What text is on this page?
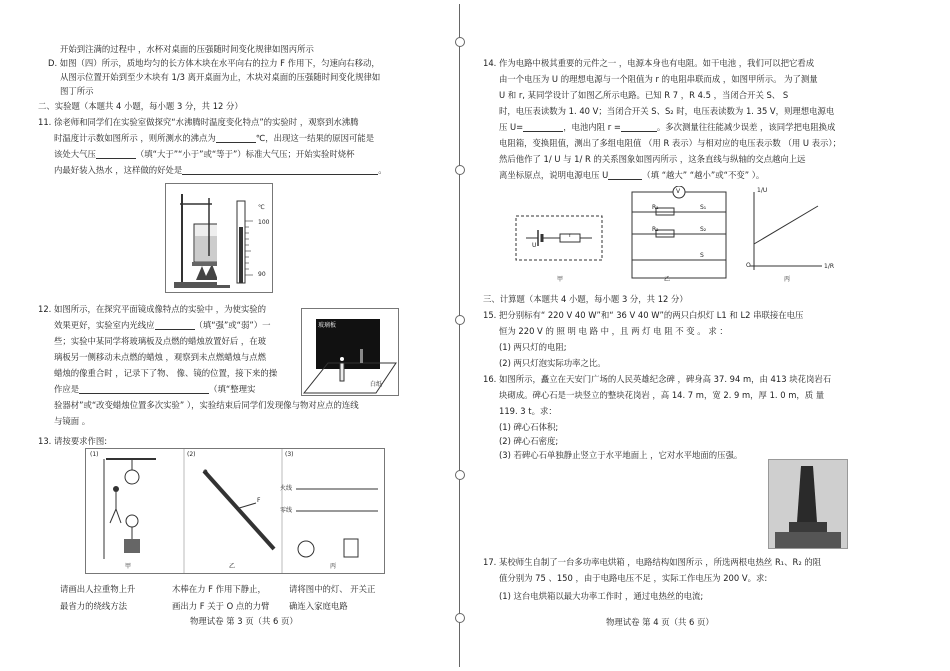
开始到注满的过程中 ，水杯对桌面的压强随时间变化规律如图丙所示
D. 如图（四）所示，质地均匀的长方体木块在水平向右的拉力 F 作用下，匀速向右移动，
从图示位置开始到至少木块有 1/3 离开桌面为止，木块对桌面的压强随时间变化规律如
图丁所示
二、实验题（本题共 4 小题，每小题 3 分，共 12 分）
11. 徐老师和同学们在实验室做探究“水沸腾时温度变化特点”的实验时 ，观察到水沸腾
时温度计示数如图所示 ，则所测水的沸点为	℃，出现这一结果的原因可能是
该处大气压	（填“大于”“小于”或“等于”）标准大气压；开始实验时烧杯
内最好装入热水 ，这样做的好处是	。
℃
100
90
12. 如图所示，在探究平面镜成像特点的实验中 ，为使实验的
效果更好，实验室内光线应	（填“强”或“弱”）一
些；实验中某同学将玻璃板及点燃的蜡烛放置好后 ，在玻
璃板另一侧移动未点燃的蜡烛 ，观察到未点燃蜡烛与点燃
蜡烛的像重合时 ，记录下了物、 像、镜的位置，接下来的操
作应是	（填“整理实
验器材”或“改变蜡烛位置多次实验” ），实验结束后同学们发现像与物对应点的连线
与镜面 。
玻璃板
白纸
13. 请按要求作图:
(1)	(2)	(3)
O
F
火线
零线
甲	乙	丙
请画出人拉重物上升	木棒在力 F 作用下静止，	请将图中的灯、 开关正
最省力的绕线方法	画出力 F 关于 O 点的力臂 确连入家庭电路
物理试卷 第 3 页（共 6 页）
14. 作为电路中极其重要的元件之一 ，电源本身也有电阻。如干电池 ，我们可以把它看成
由一个电压为 U 的理想电源与一个阻值为 r 的电阻串联而成 ，如图甲所示。 为了测量
U 和 r, 某同学设计了如图乙所示电路。已知 R 7 ，R 4.5 ，当闭合开关 S、 S
时，电压表读数为 1. 40 V；当闭合开关 S、S₂ 时，电压表读数为 1. 35 V，则理想电源电
压 U=	，电池内阻 r =	。多次测量往往能减少误差 ，该同学把电阻换成
电阻箱，变换阻值，测出了多组电阻值 （用 R 表示）与相对应的电压表示数 （用 U 表示）；
然后他作了 1/ U 与 1/ R 的关系图象如图丙所示 ，这条直线与纵轴的交点越向上远
离坐标原点，说明电源电压 U	（填 “越大” “越小”或“不变” ）。
U
r
V
R₁
R₂
S₁
S₂
S
O
1/U
1/R
甲	乙	丙
三、计算题（本题共 4 小题，每小题 3 分，共 12 分）
15. 把分别标有“ 220 V 40 W”和“ 36 V 40 W”的两只白炽灯 L1 和 L2 串联接在电压
恒为 220 V 的 照 明 电 路 中 ，且 两 灯 电 阻 不 变 。 求 ：
(1) 两只灯的电阻;
(2) 两只灯泡实际功率之比。
16. 如图所示，矗立在天安门广场的人民英雄纪念碑 ，碑身高 37. 94 m，由 413 块花岗岩石
块砌成。碑心石是一块竖立的整块花岗岩 ，高 14. 7 m，宽 2. 9 m，厚 1. 0 m，质 量
119. 3 t。求：
(1) 碑心石体积;
(2) 碑心石密度;
(3) 若碑心石单独静止竖立于水平地面上 ，它对水平地面的压强。
17. 某校师生自制了一台多功率电烘箱 ，电路结构如图所示 ，所选两根电热丝 R₁、R₂ 的阻
值分别为 75 、150 ，由于电路电压不足 ，实际工作电压为 200 V。求:
(1) 这台电烘箱以最大功率工作时 ，通过电热丝的电流;
物理试卷 第 4 页（共 6 页）
